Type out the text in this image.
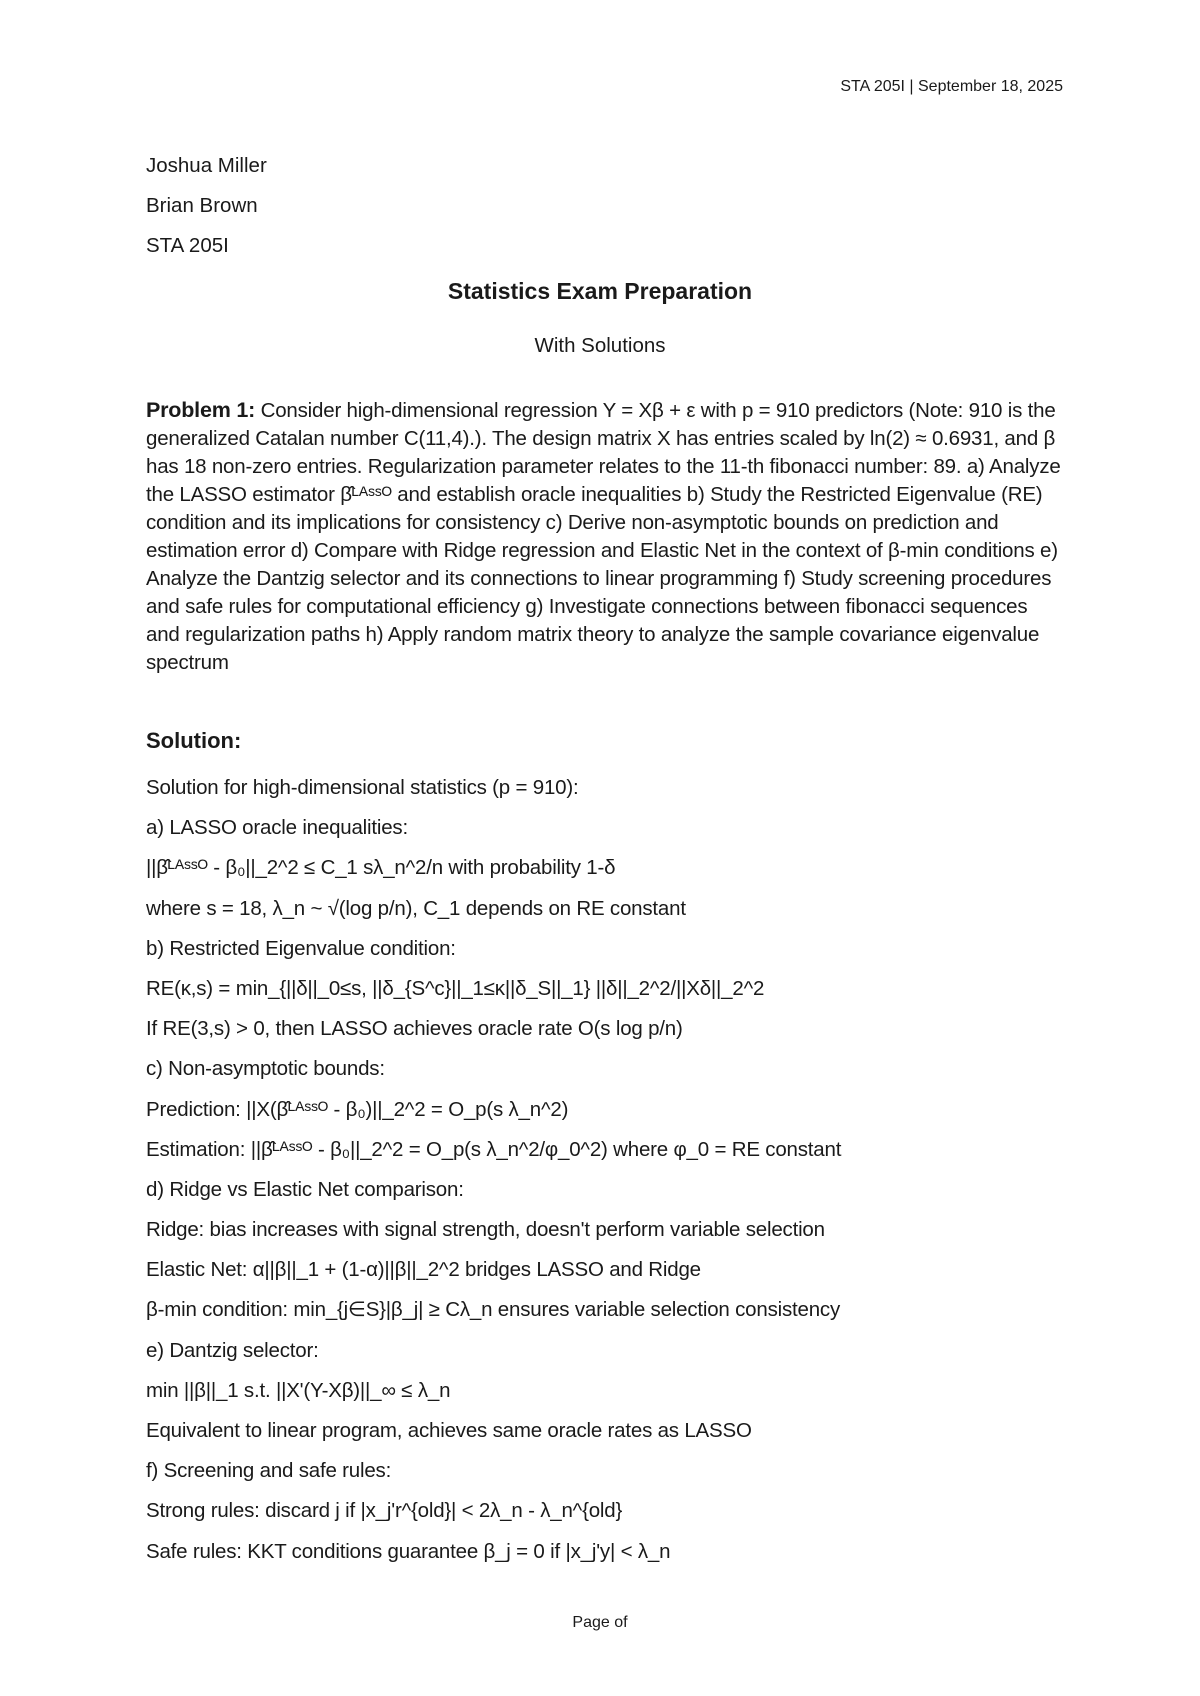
STA 205I | September 18, 2025
Joshua Miller
Brian Brown
STA 205I
Statistics Exam Preparation
With Solutions
Problem 1: Consider high-dimensional regression Y = Xβ + ε with p = 910 predictors (Note: 910 is the generalized Catalan number C(11,4).). The design matrix X has entries scaled by ln(2) ≈ 0.6931, and β has 18 non-zero entries. Regularization parameter relates to the 11-th fibonacci number: 89. a) Analyze the LASSO estimator β̂ᴸᴬˢˢᴼ and establish oracle inequalities b) Study the Restricted Eigenvalue (RE) condition and its implications for consistency c) Derive non-asymptotic bounds on prediction and estimation error d) Compare with Ridge regression and Elastic Net in the context of β-min conditions e) Analyze the Dantzig selector and its connections to linear programming f) Study screening procedures and safe rules for computational efficiency g) Investigate connections between fibonacci sequences and regularization paths h) Apply random matrix theory to analyze the sample covariance eigenvalue spectrum
Solution:
Solution for high-dimensional statistics (p = 910):
a) LASSO oracle inequalities:
||β̂ᴸᴬˢˢᴼ - β₀||_2^2 ≤ C_1 sλ_n^2/n with probability 1-δ
where s = 18, λ_n ~ √(log p/n), C_1 depends on RE constant
b) Restricted Eigenvalue condition:
RE(κ,s) = min_{||δ||_0≤s, ||δ_{S^c}||_1≤κ||δ_S||_1} ||δ||_2^2/||Xδ||_2^2
If RE(3,s) > 0, then LASSO achieves oracle rate O(s log p/n)
c) Non-asymptotic bounds:
Prediction: ||X(β̂ᴸᴬˢˢᴼ - β₀)||_2^2 = O_p(s λ_n^2)
Estimation: ||β̂ᴸᴬˢˢᴼ - β₀||_2^2 = O_p(s λ_n^2/φ_0^2) where φ_0 = RE constant
d) Ridge vs Elastic Net comparison:
Ridge: bias increases with signal strength, doesn't perform variable selection
Elastic Net: α||β||_1 + (1-α)||β||_2^2 bridges LASSO and Ridge
β-min condition: min_{j∈S}|β_j| ≥ Cλ_n ensures variable selection consistency
e) Dantzig selector:
min ||β||_1 s.t. ||X'(Y-Xβ)||_∞ ≤ λ_n
Equivalent to linear program, achieves same oracle rates as LASSO
f) Screening and safe rules:
Strong rules: discard j if |x_j'r^{old}| < 2λ_n - λ_n^{old}
Safe rules: KKT conditions guarantee β_j = 0 if |x_j'y| < λ_n
Page of
